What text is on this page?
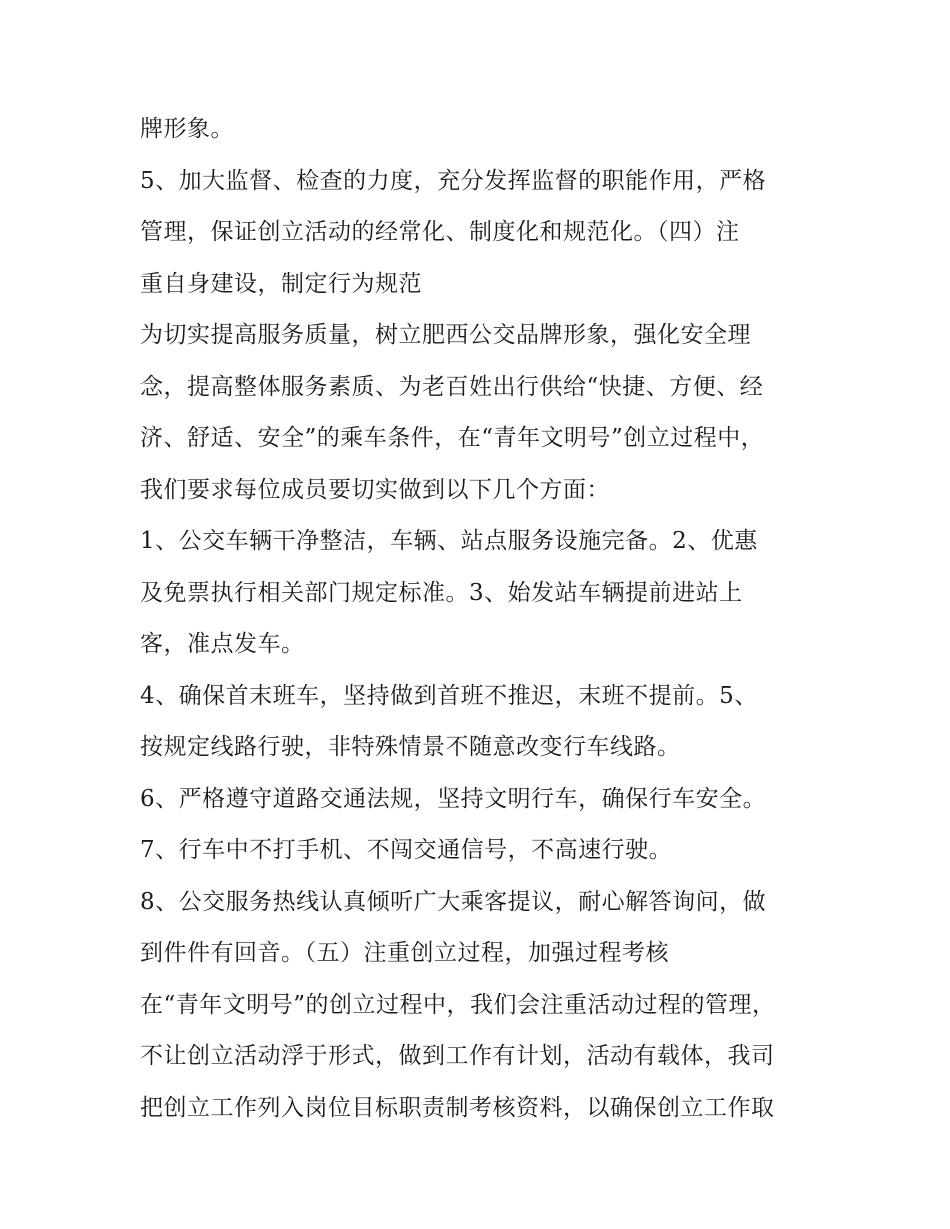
牌形象。
5、加大监督、检查的力度，充分发挥监督的职能作用，严格
管理，保证创立活动的经常化、制度化和规范化。（四）注
重自身建设，制定行为规范
为切实提高服务质量，树立肥西公交品牌形象，强化安全理
念，提高整体服务素质、为老百姓出行供给“快捷、方便、经
济、舒适、安全”的乘车条件，在“青年文明号”创立过程中，
我们要求每位成员要切实做到以下几个方面：
1、公交车辆干净整洁，车辆、站点服务设施完备。2、优惠
及免票执行相关部门规定标准。3、始发站车辆提前进站上
客，准点发车。
4、确保首末班车，坚持做到首班不推迟，末班不提前。5、
按规定线路行驶，非特殊情景不随意改变行车线路。
6、严格遵守道路交通法规，坚持文明行车，确保行车安全。
7、行车中不打手机、不闯交通信号，不高速行驶。
8、公交服务热线认真倾听广大乘客提议，耐心解答询问，做
到件件有回音。（五）注重创立过程，加强过程考核
在“青年文明号”的创立过程中，我们会注重活动过程的管理，
不让创立活动浮于形式，做到工作有计划，活动有载体，我司
把创立工作列入岗位目标职责制考核资料，以确保创立工作取
